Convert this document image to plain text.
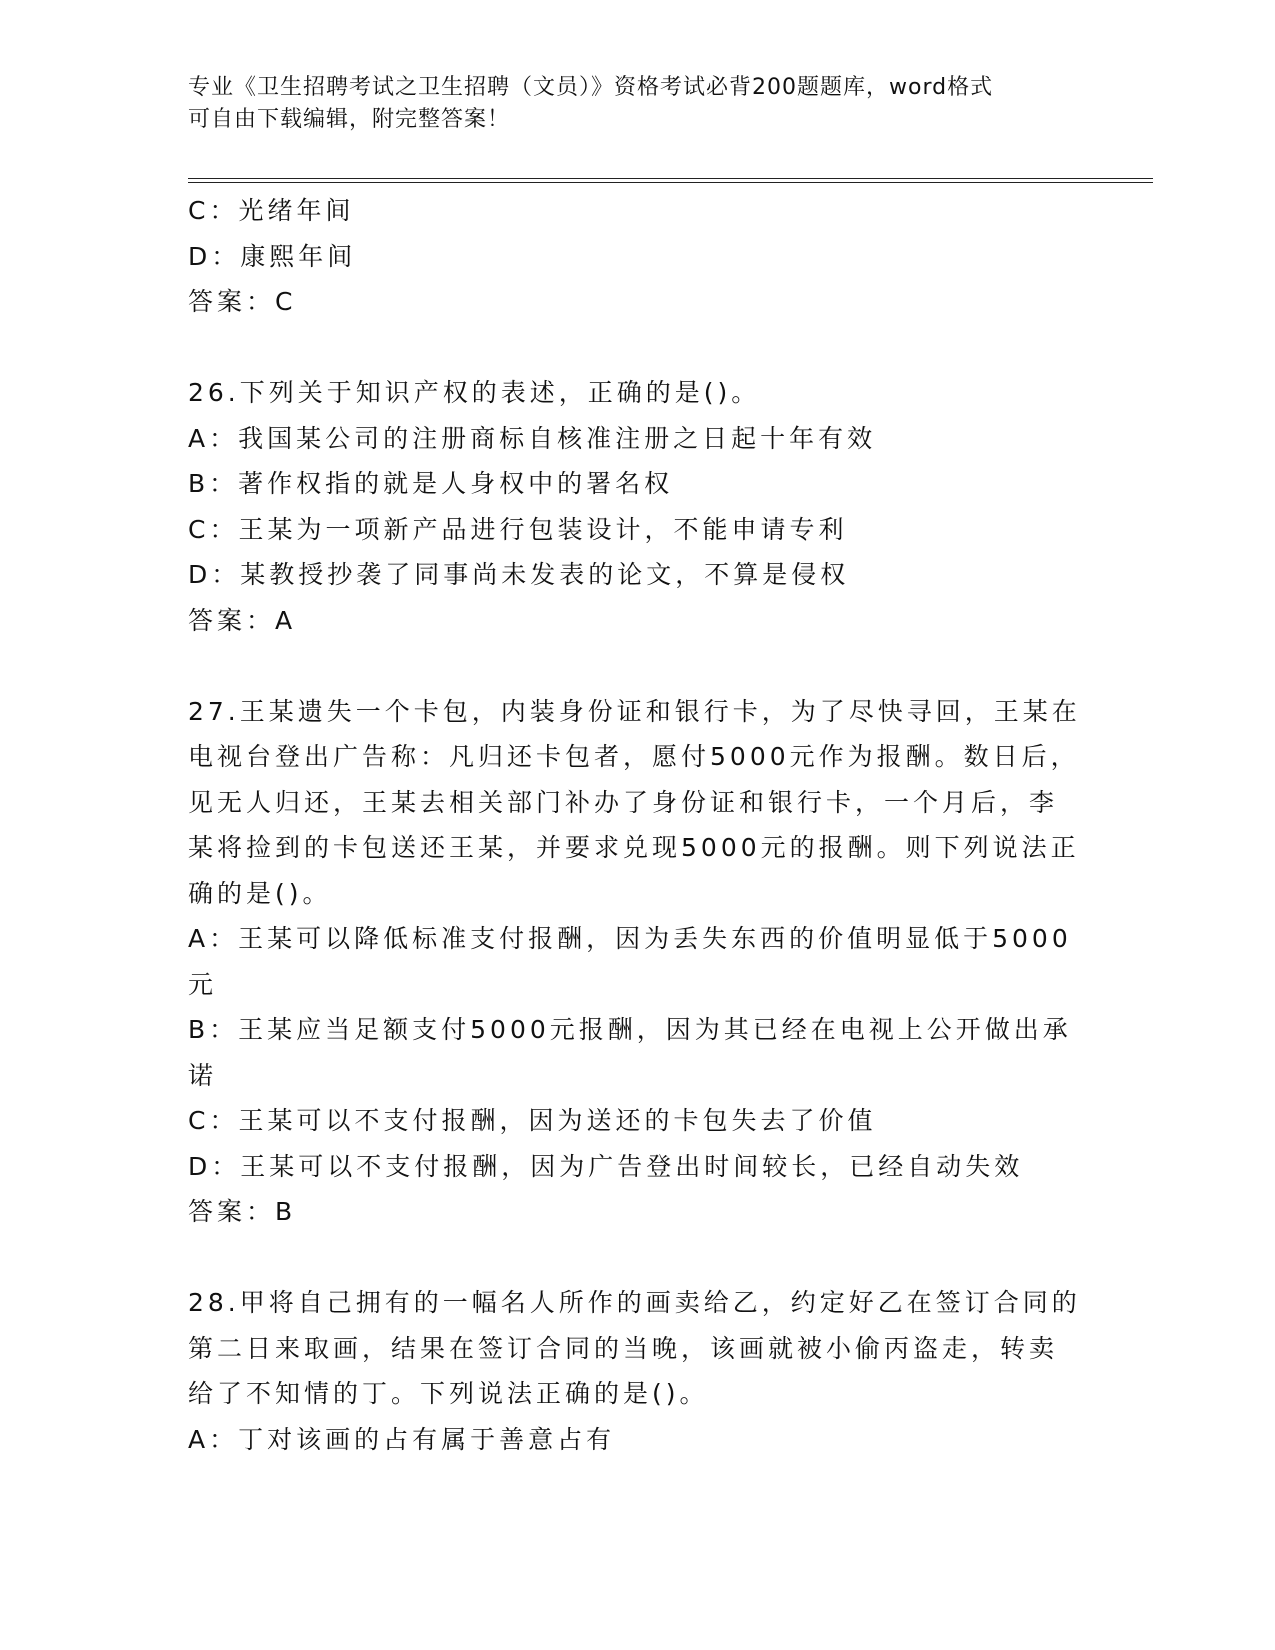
专业《卫生招聘考试之卫生招聘（文员）》资格考试必背200题题库，word格式
可自由下载编辑，附完整答案！
C：光绪年间
D：康熙年间
答案：C
26.下列关于知识产权的表述，正确的是()。
A：我国某公司的注册商标自核准注册之日起十年有效
B：著作权指的就是人身权中的署名权
C：王某为一项新产品进行包装设计，不能申请专利
D：某教授抄袭了同事尚未发表的论文，不算是侵权
答案：A
27.王某遗失一个卡包，内装身份证和银行卡，为了尽快寻回，王某在
电视台登出广告称：凡归还卡包者，愿付5000元作为报酬。数日后，
见无人归还，王某去相关部门补办了身份证和银行卡，一个月后，李
某将捡到的卡包送还王某，并要求兑现5000元的报酬。则下列说法正
确的是()。
A：王某可以降低标准支付报酬，因为丢失东西的价值明显低于5000
元
B：王某应当足额支付5000元报酬，因为其已经在电视上公开做出承
诺
C：王某可以不支付报酬，因为送还的卡包失去了价值
D：王某可以不支付报酬，因为广告登出时间较长，已经自动失效
答案：B
28.甲将自己拥有的一幅名人所作的画卖给乙，约定好乙在签订合同的
第二日来取画，结果在签订合同的当晚，该画就被小偷丙盗走，转卖
给了不知情的丁。下列说法正确的是()。
A：丁对该画的占有属于善意占有
